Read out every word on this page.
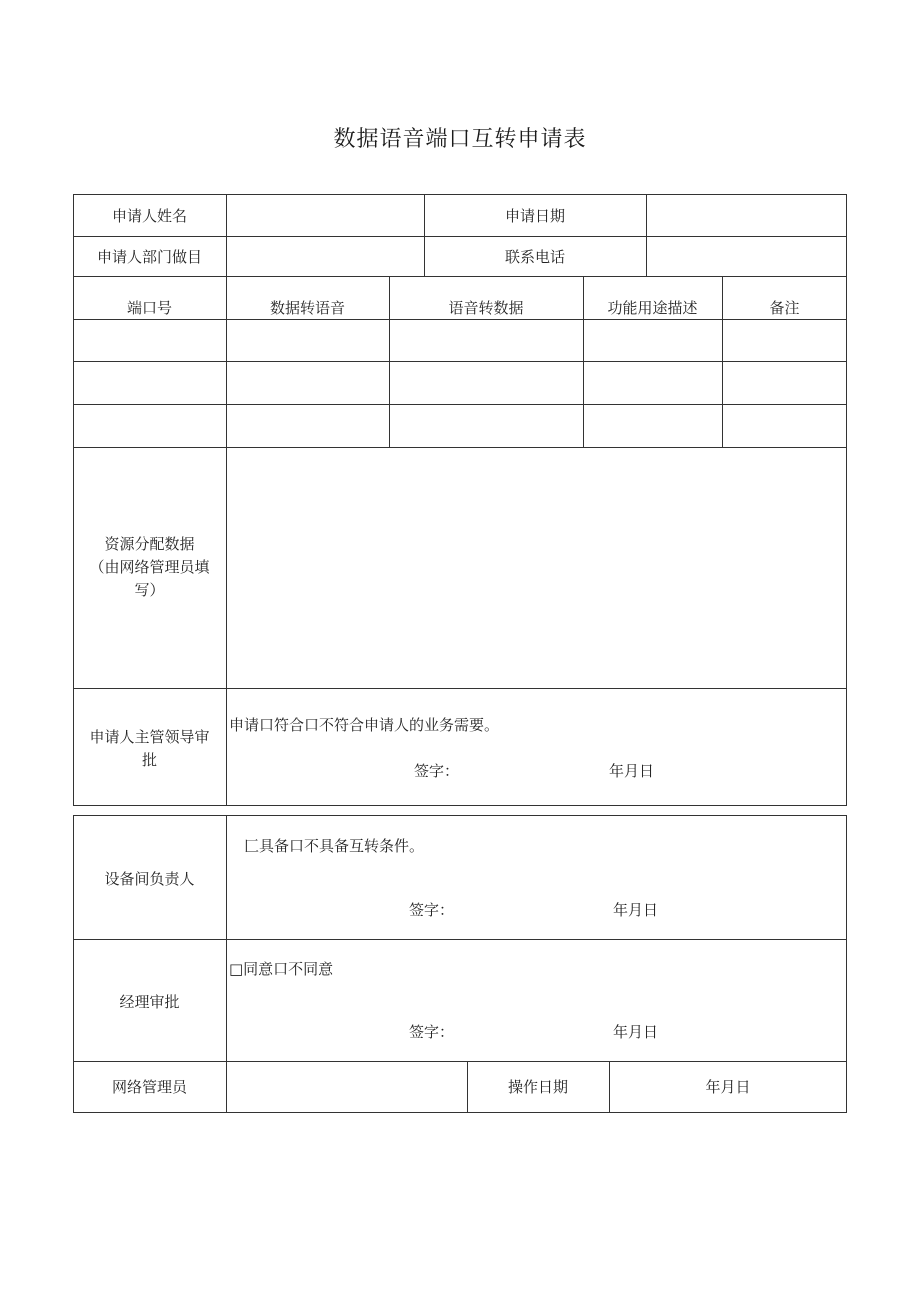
数据语音端口互转申请表
申请人姓名	申请日期
申请人部门做目	联系电话
端口号	数据转语音	语音转数据	功能用途描述	备注
资源分配数据
（由网络管理员填
写）
申请人主管领导审
批
申请口符合口不符合申请人的业务需要。
签字：	年月日
设备间负责人
匚具备口不具备互转条件。
签字：	年月日
经理审批
□同意口不同意
签字：	年月日
网络管理员	操作日期	年月日
